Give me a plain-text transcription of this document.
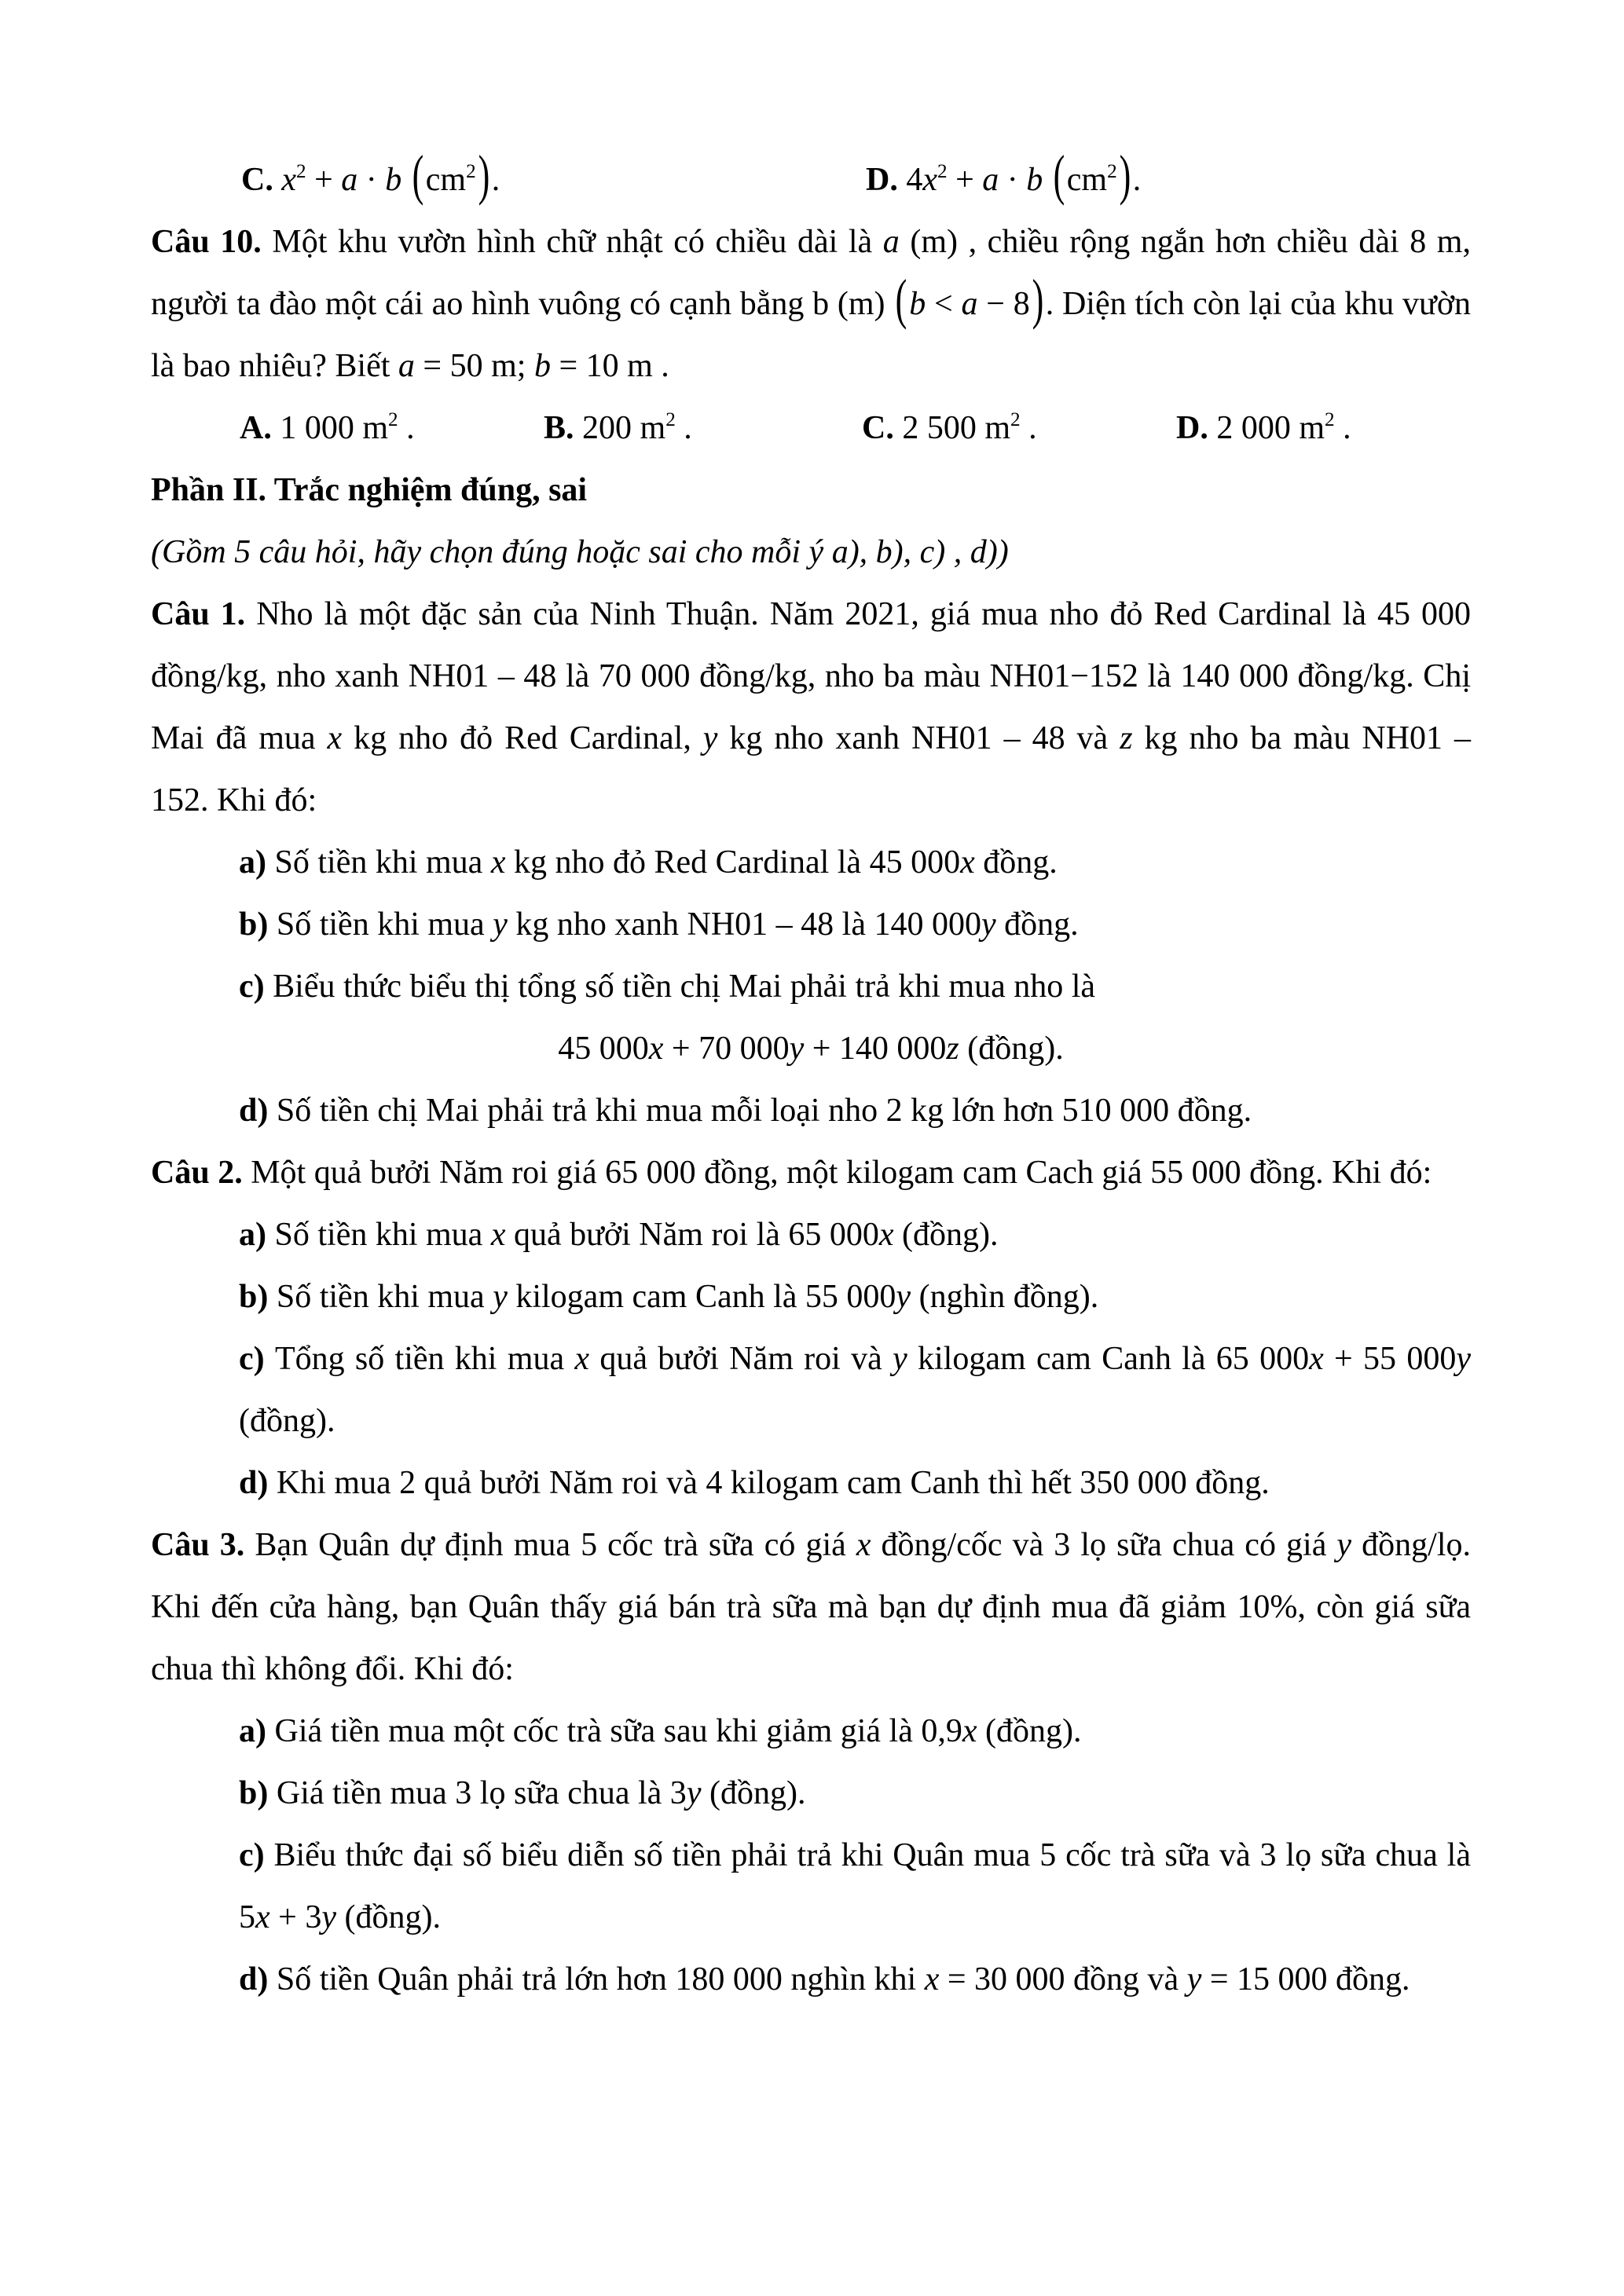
C. $x^2 + a \cdot b$ $(cm^2)$.	D. $4x^2 + a \cdot b$ $(cm^2)$.
Câu 10. Một khu vườn hình chữ nhật có chiều dài là a (m) , chiều rộng ngắn hơn chiều dài 8 m,
người ta đào một cái ao hình vuông có cạnh bằng b (m) (b < a − 8). Diện tích còn lại của khu vườn
là bao nhiêu? Biết a = 50 m; b = 10 m .
A. 1 000 $m^2$ .	B. 200 $m^2$ .	C. 2 500 $m^2$ .	D. 2 000 $m^2$ .
Phần II. Trắc nghiệm đúng, sai
(Gồm 5 câu hỏi, hãy chọn đúng hoặc sai cho mỗi ý a), b), c) , d))
Câu 1. Nho là một đặc sản của Ninh Thuận. Năm 2021, giá mua nho đỏ Red Cardinal là 45 000
đồng/kg, nho xanh NH01 – 48 là 70 000 đồng/kg, nho ba màu NH01−152 là 140 000 đồng/kg. Chị
Mai đã mua x kg nho đỏ Red Cardinal, y kg nho xanh NH01 – 48 và z kg nho ba màu NH01 –
152. Khi đó:
a) Số tiền khi mua x kg nho đỏ Red Cardinal là 45 000x đồng.
b) Số tiền khi mua y kg nho xanh NH01 – 48 là 140 000y đồng.
c) Biểu thức biểu thị tổng số tiền chị Mai phải trả khi mua nho là
45 000x + 70 000y + 140 000z (đồng).
d) Số tiền chị Mai phải trả khi mua mỗi loại nho 2 kg lớn hơn 510 000 đồng.
Câu 2. Một quả bưởi Năm roi giá 65 000 đồng, một kilogam cam Cach giá 55 000 đồng. Khi đó:
a) Số tiền khi mua x quả bưởi Năm roi là 65 000x (đồng).
b) Số tiền khi mua y kilogam cam Canh là 55 000y (nghìn đồng).
c) Tổng số tiền khi mua x quả bưởi Năm roi và y kilogam cam Canh là 65 000x + 55 000y
(đồng).
d) Khi mua 2 quả bưởi Năm roi và 4 kilogam cam Canh thì hết 350 000 đồng.
Câu 3. Bạn Quân dự định mua 5 cốc trà sữa có giá x đồng/cốc và 3 lọ sữa chua có giá y đồng/lọ.
Khi đến cửa hàng, bạn Quân thấy giá bán trà sữa mà bạn dự định mua đã giảm 10%, còn giá sữa
chua thì không đổi. Khi đó:
a) Giá tiền mua một cốc trà sữa sau khi giảm giá là 0,9x (đồng).
b) Giá tiền mua 3 lọ sữa chua là 3y (đồng).
c) Biểu thức đại số biểu diễn số tiền phải trả khi Quân mua 5 cốc trà sữa và 3 lọ sữa chua là
5x + 3y (đồng).
d) Số tiền Quân phải trả lớn hơn 180 000 nghìn khi x = 30 000 đồng và y = 15 000 đồng.
